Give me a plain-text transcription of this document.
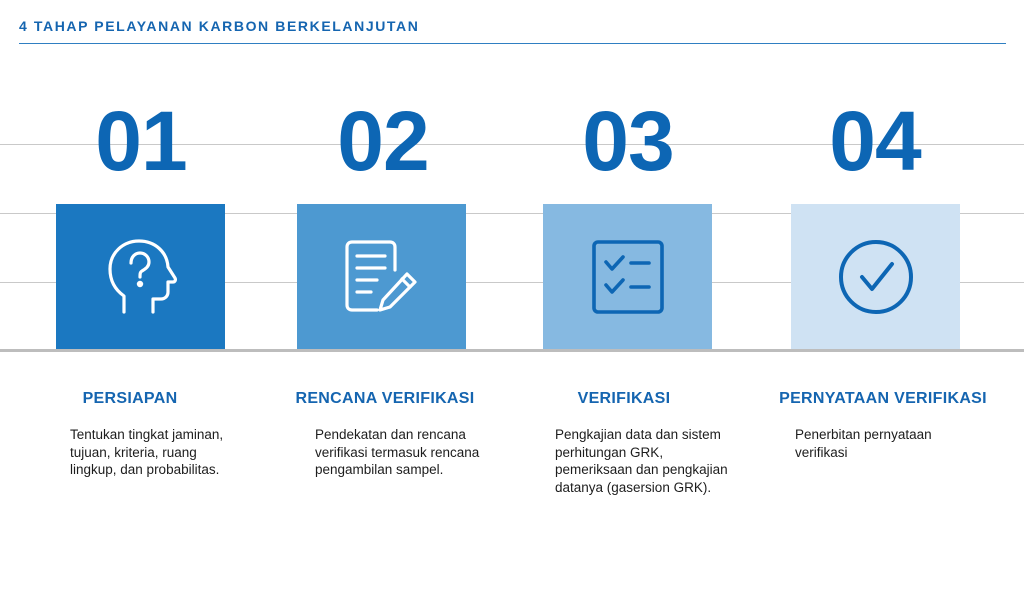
4 TAHAP PELAYANAN KARBON BERKELANJUTAN
01
PERSIAPAN
Tentukan tingkat jaminan, tujuan, kriteria, ruang lingkup, dan probabilitas.
02
RENCANA VERIFIKASI
Pendekatan dan rencana verifikasi termasuk rencana pengambilan sampel.
03
VERIFIKASI
Pengkajian data dan sistem perhitungan GRK, pemeriksaan dan pengkajian datanya (gasersion GRK).
04
PERNYATAAN VERIFIKASI
Penerbitan pernyataan verifikasi
